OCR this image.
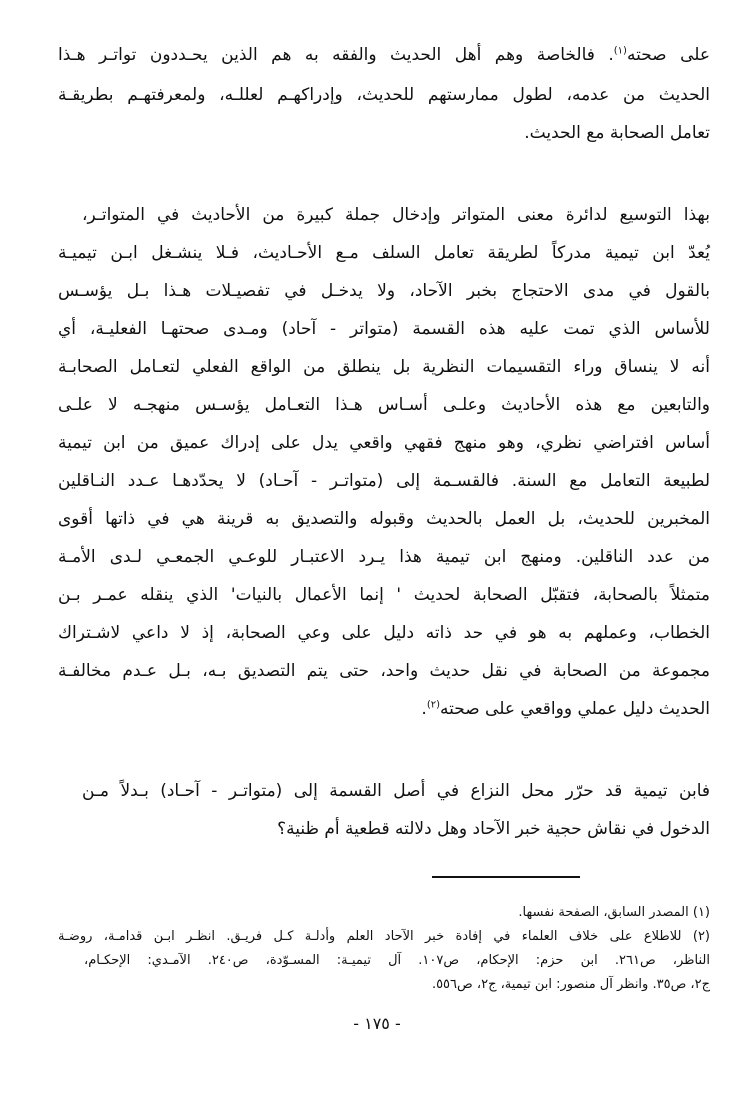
على صحته$^{(١)}$. فالخاصة وهم أهل الحديث والفقه به هم الذين يحـددون تواتـر هـذا
الحديث من عدمه، لطول ممارستهم للحديث، وإدراكهـم لعللـه، ولمعرفتهـم بطريقـة
تعامل الصحابة مع الحديث.
بهذا التوسيع لدائرة معنى المتواتر وإدخال جملة كبيرة من الأحاديث في المتواتـر،
يُعدّ ابن تيمية مدركاً لطريقة تعامل السلف مـع الأحـاديث، فـلا ينشـغل ابـن تيميـة
بالقول في مدى الاحتجاج بخبر الآحاد، ولا يدخـل في تفصيـلات هـذا بـل يؤسـس
للأساس الذي تمت عليه هذه القسمة (متواتر - آحاد) ومـدى صحتهـا الفعليـة، أي
أنه لا ينساق وراء التقسيمات النظرية بل ينطلق من الواقع الفعلي لتعـامل الصحابـة
والتابعين مع هذه الأحاديث وعلـى أسـاس هـذا التعـامل يؤسـس منهجـه لا علـى
أساس افتراضي نظري، وهو منهج فقهي واقعي يدل على إدراك عميق من ابن تيمية
لطبيعة التعامل مع السنة. فالقسـمة إلى (متواتـر - آحـاد) لا يحدّدهـا عـدد النـاقلين
المخبرين للحديث، بل العمل بالحديث وقبوله والتصديق به قرينة هي في ذاتها أقوى
من عدد الناقلين. ومنهج ابن تيمية هذا يـرد الاعتبـار للوعـي الجمعـي لـدى الأمـة
متمثلاً بالصحابة، فتقبّل الصحابة لحديث ' إنما الأعمال بالنيات' الذي ينقله عمـر بـن
الخطاب، وعملهم به هو في حد ذاته دليل على وعي الصحابة، إذ لا داعي لاشـتراك
مجموعة من الصحابة في نقل حديث واحد، حتى يتم التصديق بـه، بـل عـدم مخالفـة
الحديث دليل عملي وواقعي على صحته$^{(٢)}$.
فابن تيمية قد حرّر محل النزاع في أصل القسمة إلى (متواتـر - آحـاد) بـدلاً مـن
الدخول في نقاش حجية خبر الآحاد وهل دلالته قطعية أم ظنية؟
(١) المصدر السابق، الصفحة نفسها.
(٢) للاطلاع على خلاف العلماء في إفادة خبر الآحاد العلم وأدلـة كـل فريـق. انظـر ابـن قدامـة، روضـة
الناظر، ص٢٦١. ابن حزم: الإحكام، ص١٠٧. آل تيميـة: المسـوّدة، ص٢٤٠. الآمـدي: الإحكـام،
ج٢، ص٣٥. وانظر آل منصور: ابن تيمية، ج٢، ص٥٥٦.
- ١٧٥ -
